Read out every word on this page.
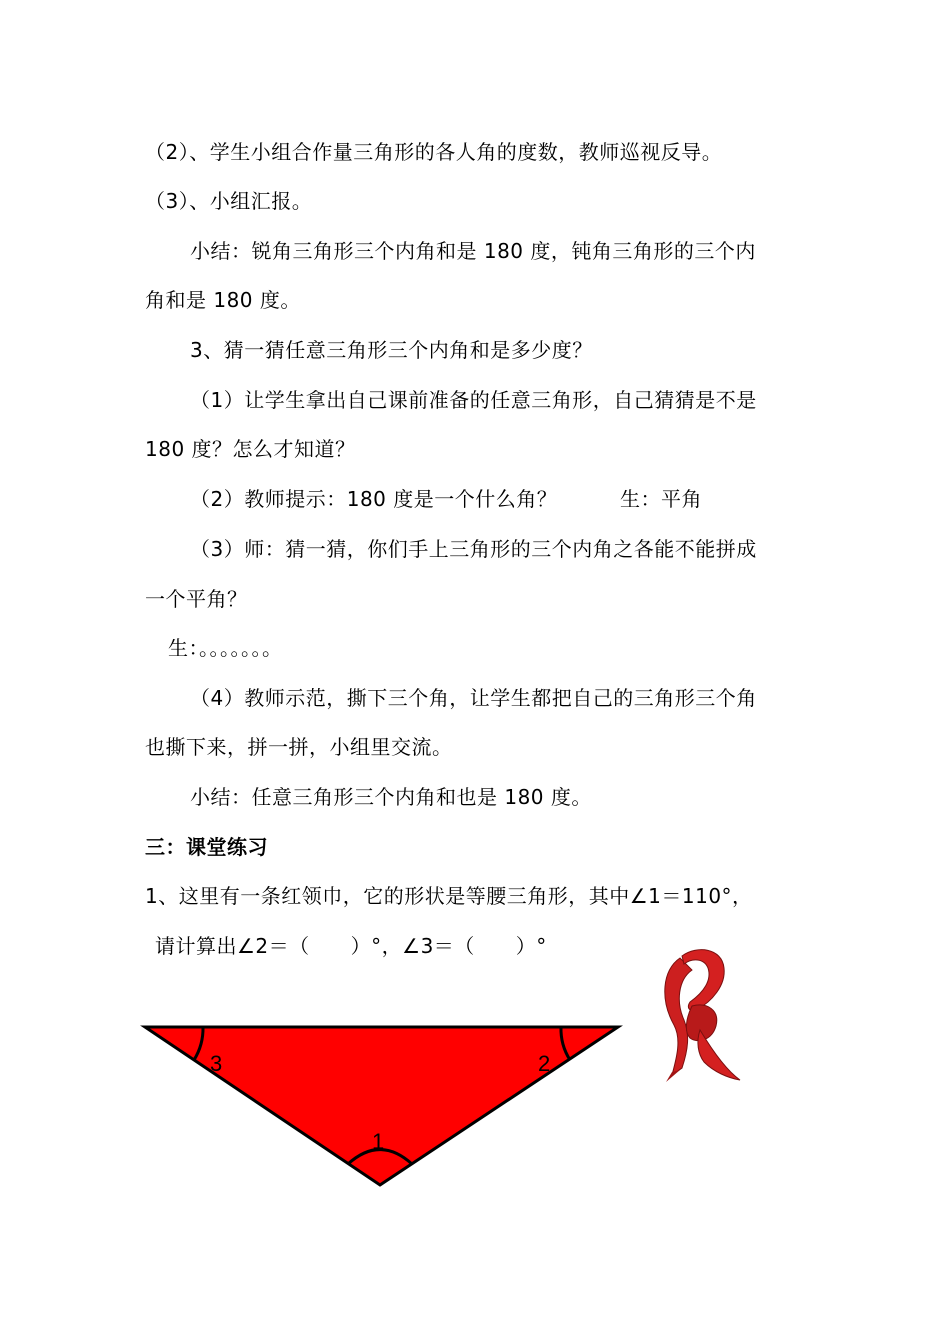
（2）、学生小组合作量三角形的各人角的度数，教师巡视反导。
（3）、小组汇报。
小结：锐角三角形三个内角和是 180 度，钝角三角形的三个内
角和是 180 度。
3、猜一猜任意三角形三个内角和是多少度？
（1）让学生拿出自己课前准备的任意三角形，自己猜猜是不是
180 度？怎么才知道？
（2）教师提示：180 度是一个什么角？	生：平角
（3）师：猜一猜，你们手上三角形的三个内角之各能不能拼成
一个平角？
生：。。。。。。。
（4）教师示范，撕下三个角，让学生都把自己的三角形三个角
也撕下来，拼一拼，小组里交流。
小结：任意三角形三个内角和也是 180 度。
三：课堂练习
1、这里有一条红领巾，它的形状是等腰三角形，其中∠1＝110°，
请计算出∠2＝（　　）°，∠3＝（　　）°
3	2
1
